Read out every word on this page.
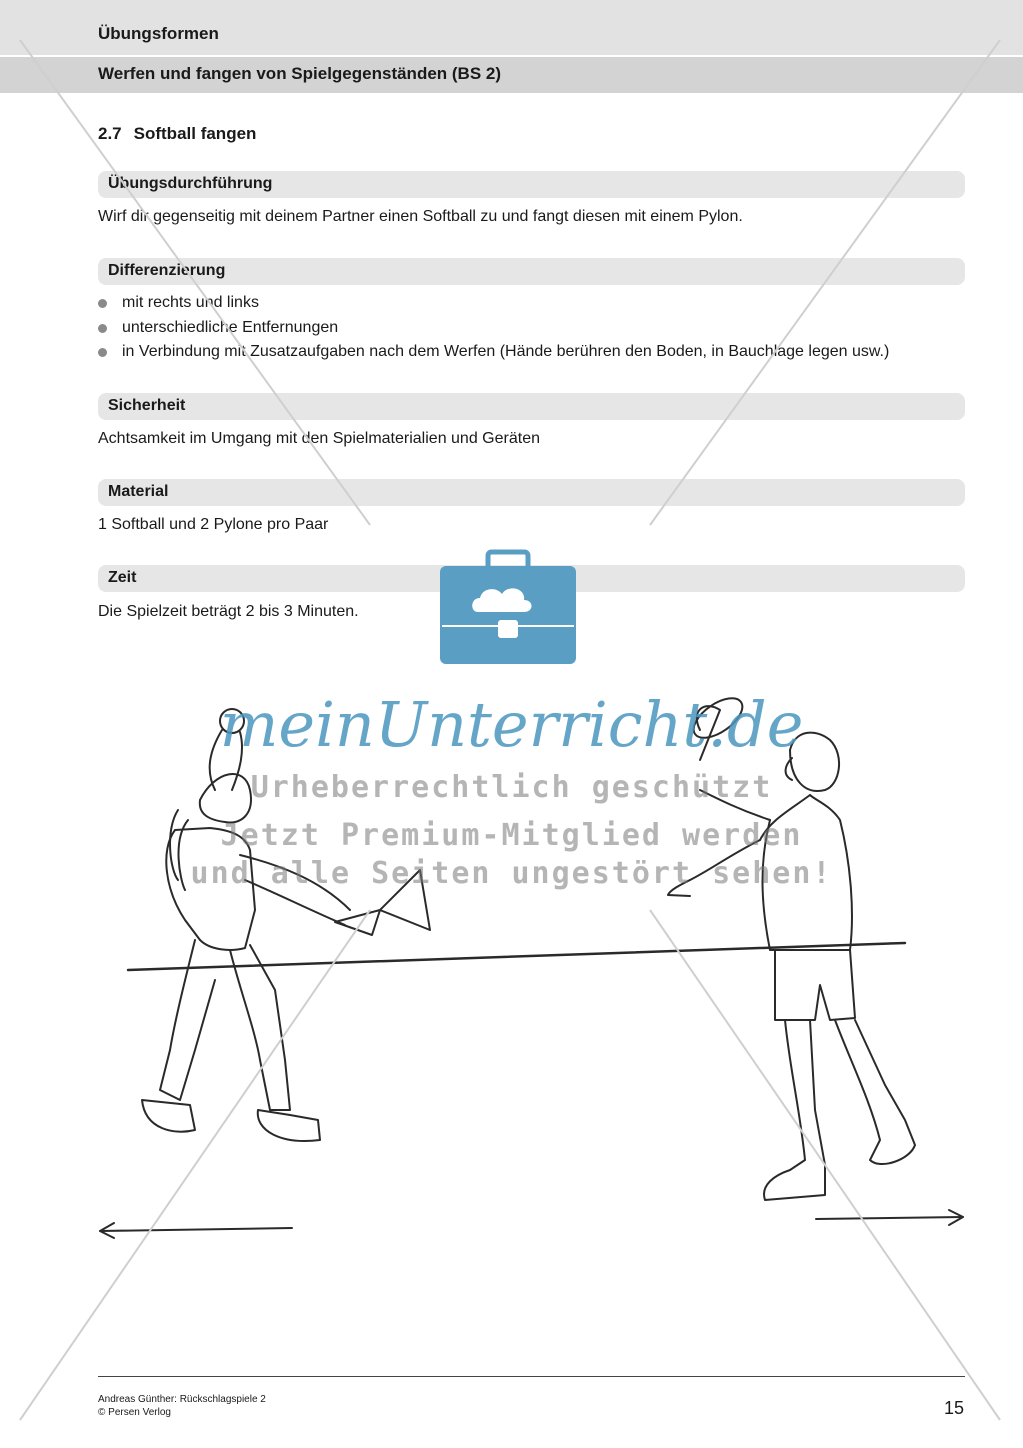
Übungsformen
Werfen und fangen von Spielgegenständen (BS 2)
2.7 Softball fangen
Übungsdurchführung
Wirf dir gegenseitig mit deinem Partner einen Softball zu und fangt diesen mit einem Pylon.
Differenzierung
mit rechts und links
unterschiedliche Entfernungen
in Verbindung mit Zusatzaufgaben nach dem Werfen (Hände berühren den Boden, in Bauchlage legen usw.)
Sicherheit
Achtsamkeit im Umgang mit den Spielmaterialien und Geräten
Material
1 Softball und 2 Pylone pro Paar
Zeit
Die Spielzeit beträgt 2 bis 3 Minuten.
meinUnterricht.de
Urheberrechtlich geschützt
Jetzt Premium-Mitglied werden
und alle Seiten ungestört sehen!
Andreas Günther: Rückschlagspiele 2
© Persen Verlog	15
